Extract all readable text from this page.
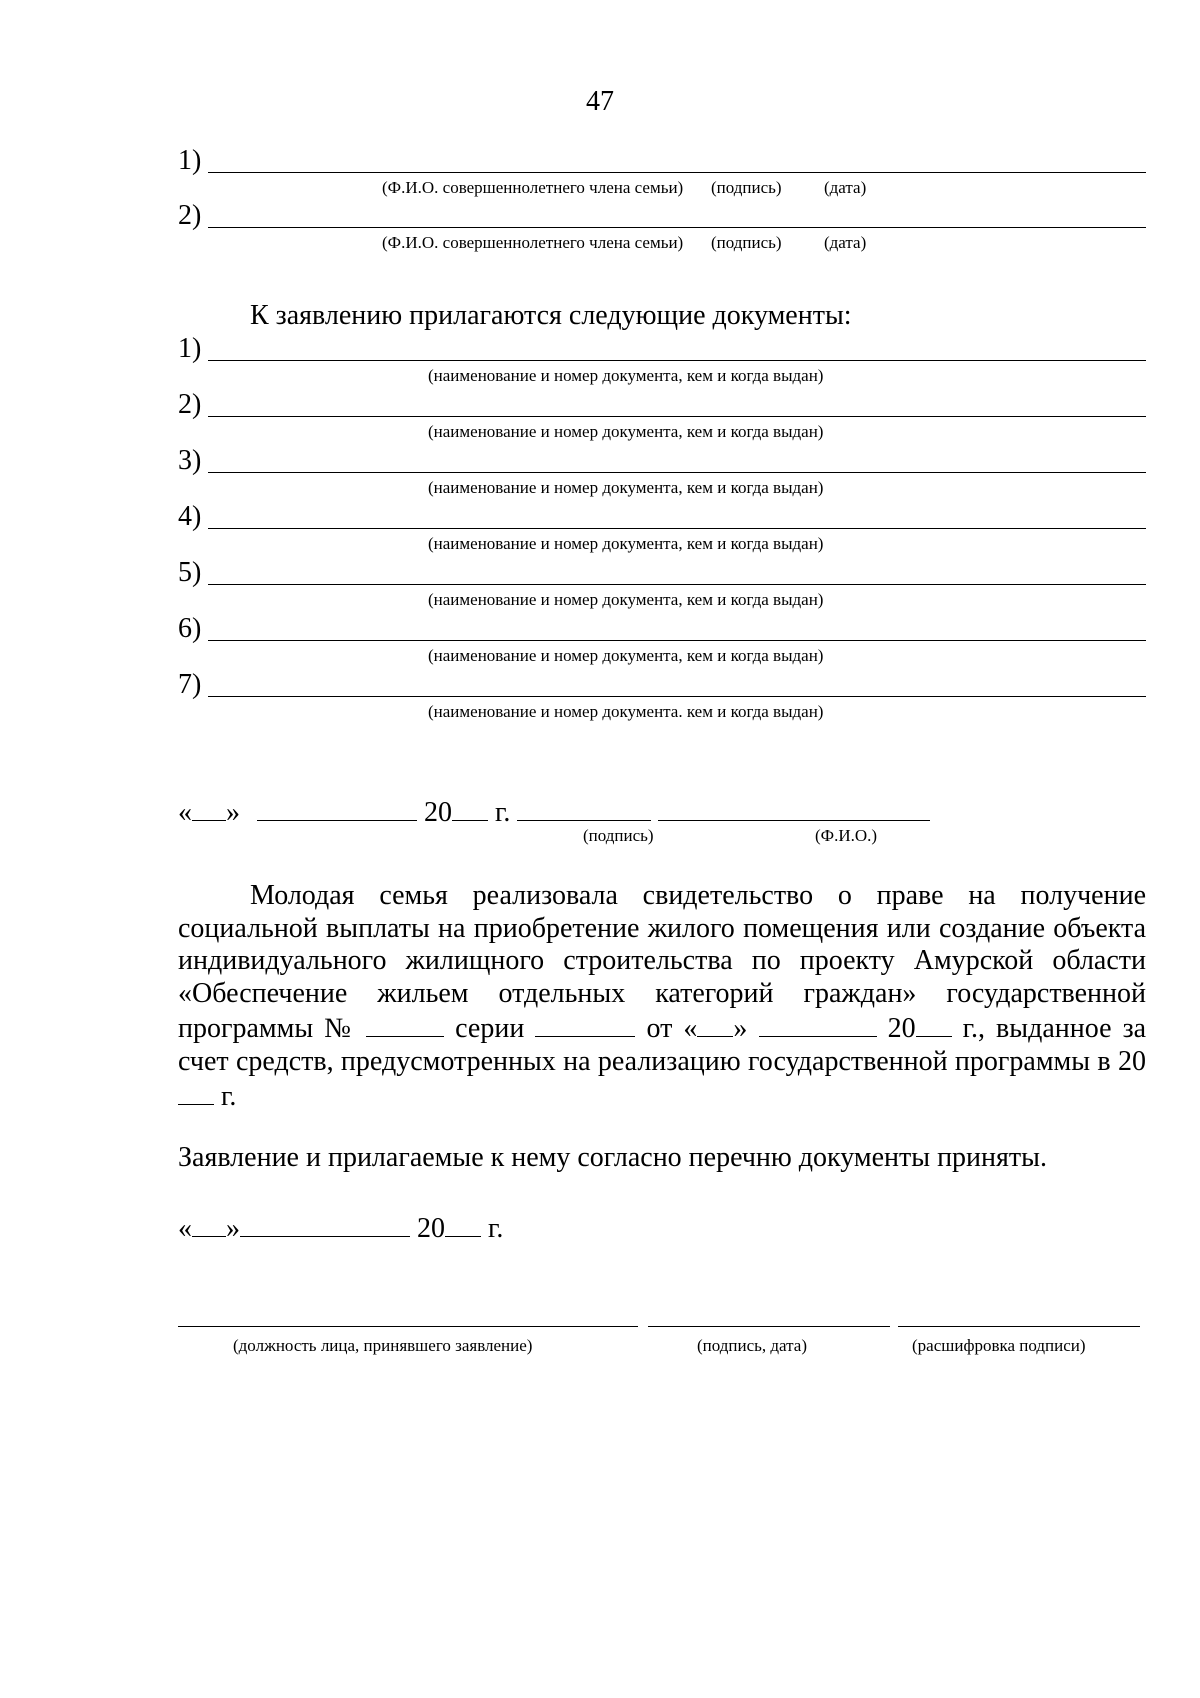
47
1)
(Ф.И.О. совершеннолетнего члена семьи) (подпись) (дата)
2)
(Ф.И.О. совершеннолетнего члена семьи) (подпись) (дата)
К заявлению прилагаются следующие документы:
1)
(наименование и номер документа, кем и когда выдан)
2)
(наименование и номер документа, кем и когда выдан)
3)
(наименование и номер документа, кем и когда выдан)
4)
(наименование и номер документа, кем и когда выдан)
5)
(наименование и номер документа, кем и когда выдан)
6)
(наименование и номер документа, кем и когда выдан)
7)
(наименование и номер документа. кем и когда выдан)
« »	20 г.
(подпись)	(Ф.И.О.)
Молодая семья реализовала свидетельство о праве на получение социальной выплаты на приобретение жилого помещения или создание объекта индивидуального жилищного строительства по проекту Амурской области «Обеспечение жильем отдельных категорий граждан» государственной программы №	серии	от « »	20 г., выданное за счет средств, предусмотренных на реализацию государственной программы в 20 г.
Заявление и прилагаемые к нему согласно перечню документы приняты.
« »	20 г.
(должность лица, принявшего заявление)	(подпись, дата)	(расшифровка подписи)
